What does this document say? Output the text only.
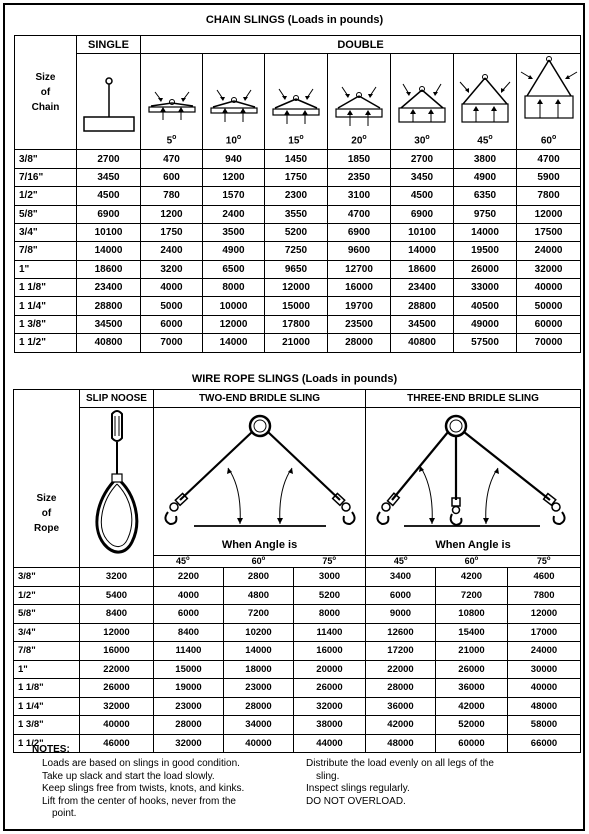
CHAIN SLINGS (Loads in pounds)
Size
of
Chain	SINGLE	DOUBLE						

5$^o$	10$^o$	15$^o$	20$^o$	30$^o$	45$^o$	60$^o$

3/8"	2700	470	940	1450	1850	2700	3800	4700
7/16"	3450	600	1200	1750	2350	3450	4900	5900
1/2"	4500	780	1570	2300	3100	4500	6350	7800
5/8"	6900	1200	2400	3550	4700	6900	9750	12000
3/4"	10100	1750	3500	5200	6900	10100	14000	17500
7/8"	14000	2400	4900	7250	9600	14000	19500	24000
1"	18600	3200	6500	9650	12700	18600	26000	32000
1 1/8"	23400	4000	8000	12000	16000	23400	33000	40000
1 1/4"	28800	5000	10000	15000	19700	28800	40500	50000
1 3/8"	34500	6000	12000	17800	23500	34500	49000	60000
1 1/2"	40800	7000	14000	21000	28000	40800	57500	70000
WIRE ROPE SLINGS (Loads in pounds)
Size
of
Rope	SLIP NOOSE	TWO-END BRIDLE SLING			THREE-END BRIDLE SLING		

When Angle is			When Angle is		

		45$^o$	60$^o$	75$^o$	45$^o$	60$^o$	75$^o$
3/8"	3200	2200	2800	3000	3400	4200	4600
1/2"	5400	4000	4800	5200	6000	7200	7800
5/8"	8400	6000	7200	8000	9000	10800	12000
3/4"	12000	8400	10200	11400	12600	15400	17000
7/8"	16000	11400	14000	16000	17200	21000	24000
1"	22000	15000	18000	20000	22000	26000	30000
1 1/8"	26000	19000	23000	26000	28000	36000	40000
1 1/4"	32000	23000	28000	32000	36000	42000	48000
1 3/8"	40000	28000	34000	38000	42000	52000	58000
1 1/2"	46000	32000	40000	44000	48000	60000	66000
NOTES:
Loads are based on slings in good condition.
Take up slack and start the load slowly.
Keep slings free from twists, knots, and kinks.
Lift from the center of hooks, never from the
point.
Distribute the load evenly on all legs of the
sling.
Inspect slings regularly.
DO NOT OVERLOAD.
